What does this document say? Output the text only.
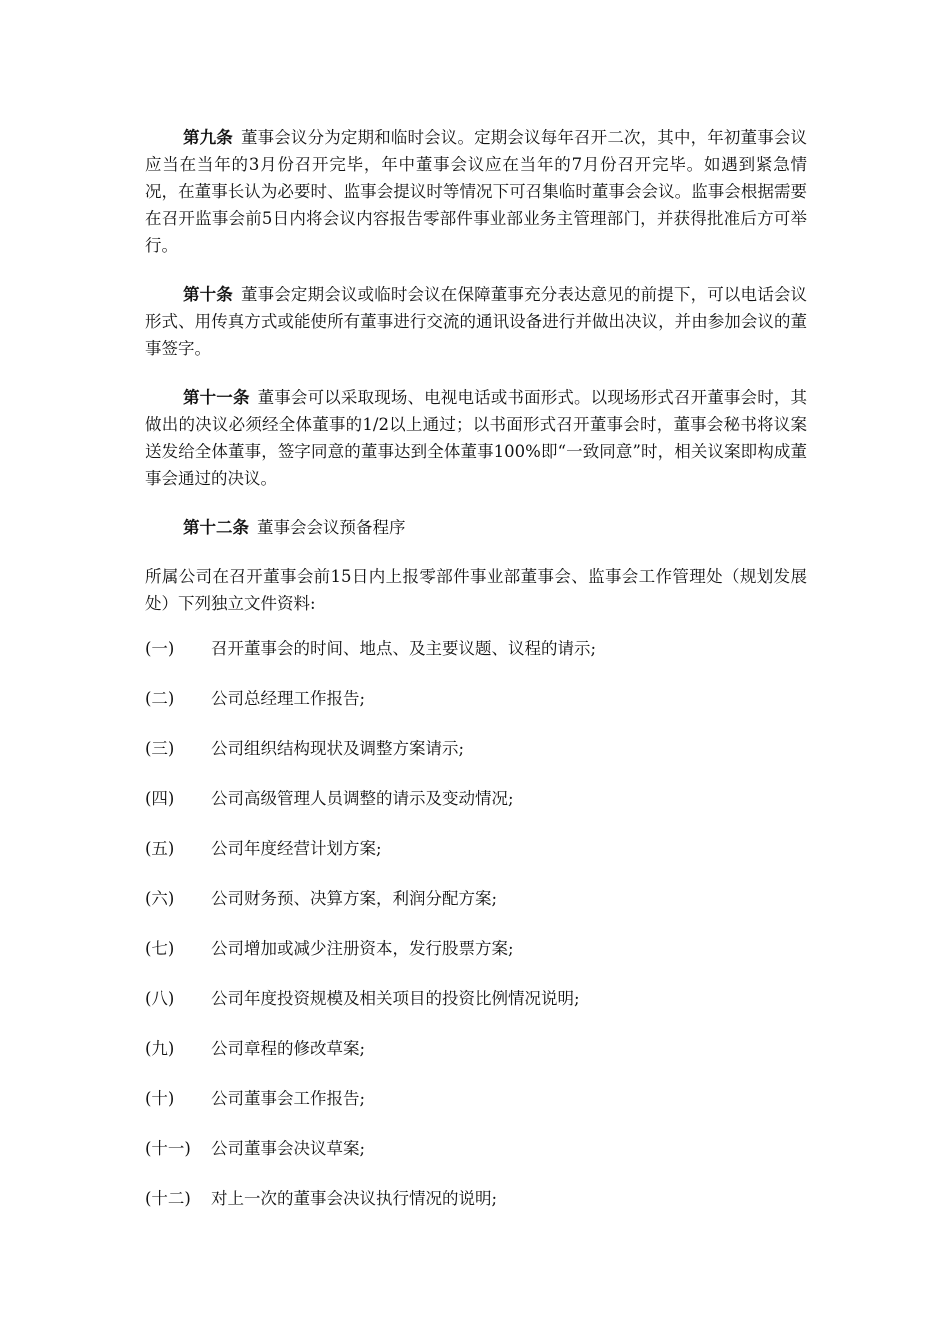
第九条 董事会议分为定期和临时会议。定期会议每年召开二次，其中，年初董事会议应当在当年的3月份召开完毕，年中董事会议应在当年的7月份召开完毕。如遇到紧急情况，在董事长认为必要时、监事会提议时等情况下可召集临时董事会会议。监事会根据需要在召开监事会前5日内将会议内容报告零部件事业部业务主管理部门，并获得批准后方可举行。

第十条 董事会定期会议或临时会议在保障董事充分表达意见的前提下，可以电话会议形式、用传真方式或能使所有董事进行交流的通讯设备进行并做出决议，并由参加会议的董事签字。

第十一条 董事会可以采取现场、电视电话或书面形式。以现场形式召开董事会时，其做出的决议必须经全体董事的1/2以上通过；以书面形式召开董事会时，董事会秘书将议案送发给全体董事，签字同意的董事达到全体董事100%即“一致同意”时，相关议案即构成董事会通过的决议。

第十二条 董事会会议预备程序

所属公司在召开董事会前15日内上报零部件事业部董事会、监事会工作管理处（规划发展处）下列独立文件资料:

(一)	召开董事会的时间、地点、及主要议题、议程的请示;
(二)	公司总经理工作报告;
(三)	公司组织结构现状及调整方案请示;
(四)	公司高级管理人员调整的请示及变动情况;
(五)	公司年度经营计划方案;
(六)	公司财务预、决算方案，利润分配方案;
(七)	公司增加或减少注册资本，发行股票方案;
(八)	公司年度投资规模及相关项目的投资比例情况说明;
(九)	公司章程的修改草案;
(十)	公司董事会工作报告;
(十一)	公司董事会决议草案;
(十二)	对上一次的董事会决议执行情况的说明;
